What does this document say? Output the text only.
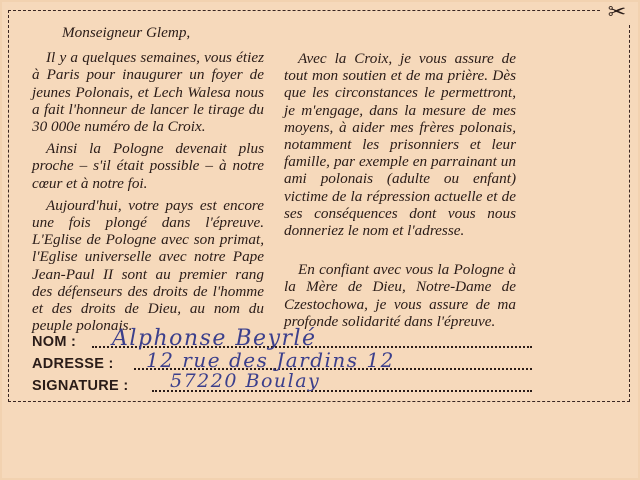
✂
Monseigneur Glemp,
Il y a quelques semaines, vous étiez à Paris pour inaugurer un foyer de jeunes Polonais, et Lech Walesa nous a fait l'honneur de lancer le tirage du 30 000e numéro de la Croix.
Ainsi la Pologne devenait plus proche – s'il était possible – à notre cœur et à notre foi.
Aujourd'hui, votre pays est encore une fois plongé dans l'épreuve. L'Eglise de Pologne avec son primat, l'Eglise universelle avec notre Pape Jean-Paul II sont au premier rang des défenseurs des droits de l'homme et des droits de Dieu, au nom du peuple polonais.
Avec la Croix, je vous assure de tout mon soutien et de ma prière. Dès que les circonstances le permettront, je m'engage, dans la mesure de mes moyens, à aider mes frères polonais, notamment les prisonniers et leur famille, par exemple en parrainant un ami polonais (adulte ou enfant) victime de la répression actuelle et de ses conséquences dont vous nous donneriez le nom et l'adresse.
En confiant avec vous la Pologne à la Mère de Dieu, Notre-Dame de Czestochowa, je vous assure de ma profonde solidarité dans l'épreuve.
NOM : Alphonse Beyrlé
ADRESSE : 12 rue des Jardins 12
SIGNATURE : 57220 Boulay
